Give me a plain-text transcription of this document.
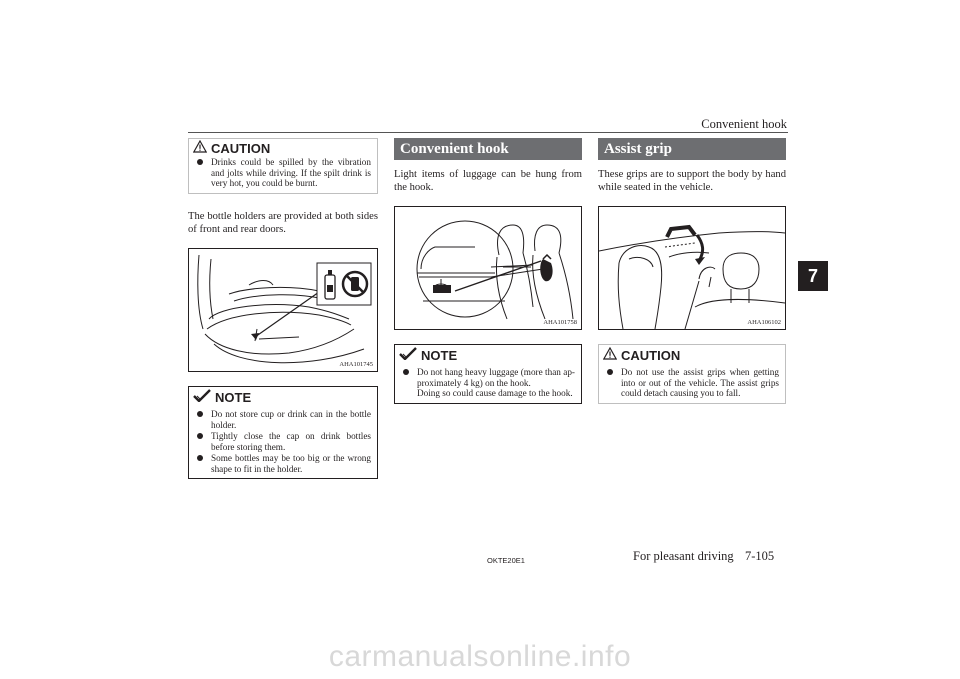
Convenient hook
7
CAUTION
Drinks could be spilled by the vibration and jolts while driving. If the spilt drink is very hot, you could be burnt.
The bottle holders are provided at both sides of front and rear doors.
AHA101745
NOTE
Do not store cup or drink can in the bottle holder.
Tightly close the cap on drink bottles before storing them.
Some bottles may be too big or the wrong shape to fit in the holder.
Convenient hook
Light items of luggage can be hung from the hook.
AHA101758
NOTE
Do not hang heavy luggage (more than ap-proximately 4 kg) on the hook.
Doing so could cause damage to the hook.
Assist grip
These grips are to support the body by hand while seated in the vehicle.
AHA106102
CAUTION
Do not use the assist grips when getting into or out of the vehicle. The assist grips could detach causing you to fall.
OKTE20E1	For pleasant driving 7-105
carmanualsonline.info
